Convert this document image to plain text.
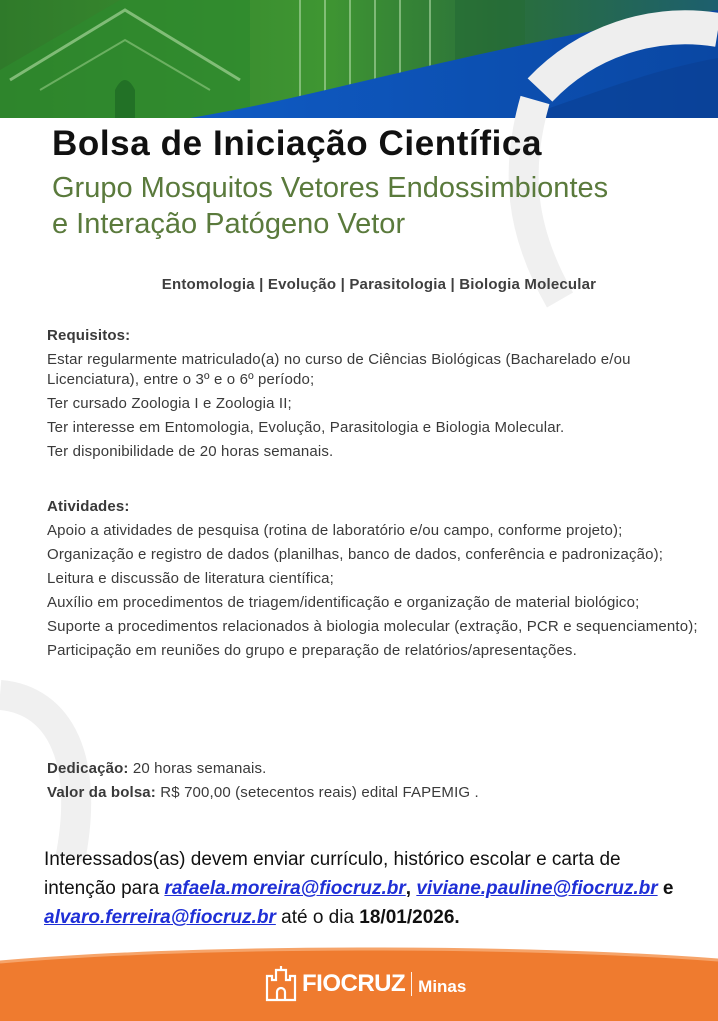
Bolsa de Iniciação Científica
Grupo Mosquitos Vetores Endossimbiontes
e Interação Patógeno Vetor
Entomologia | Evolução | Parasitologia | Biologia Molecular
Requisitos:
Estar regularmente matriculado(a) no curso de Ciências Biológicas (Bacharelado e/ou Licenciatura), entre o 3º e o 6º período;
Ter cursado Zoologia I e Zoologia II;
Ter interesse em Entomologia, Evolução, Parasitologia e Biologia Molecular.
Ter disponibilidade de 20 horas semanais.
Atividades:
Apoio a atividades de pesquisa (rotina de laboratório e/ou campo, conforme projeto);
Organização e registro de dados (planilhas, banco de dados, conferência e padronização);
Leitura e discussão de literatura científica;
Auxílio em procedimentos de triagem/identificação e organização de material biológico;
Suporte a procedimentos relacionados à biologia molecular (extração, PCR e sequenciamento);
Participação em reuniões do grupo e preparação de relatórios/apresentações.
Dedicação: 20 horas semanais.
Valor da bolsa: R$ 700,00 (setecentos reais) edital FAPEMIG .
Interessados(as) devem enviar currículo, histórico escolar e carta de intenção para rafaela.moreira@fiocruz.br, viviane.pauline@fiocruz.br e alvaro.ferreira@fiocruz.br até o dia 18/01/2026.
FIOCRUZ Minas
